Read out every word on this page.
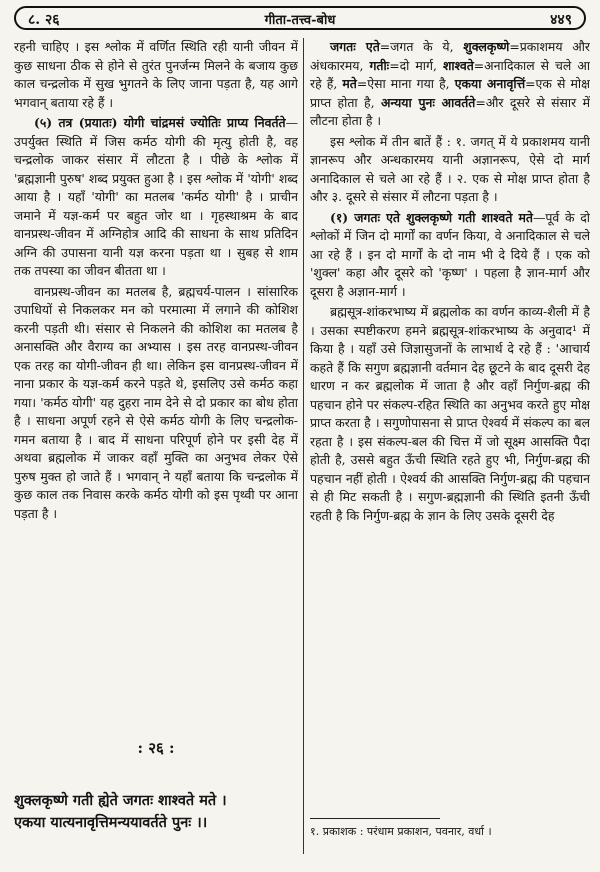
८. २६	गीता-तत्त्व-बोध	४४९

रहनी चाहिए । इस श्लोक में वर्णित स्थिति रही यानी जीवन में कुछ साधना ठीक से होने से तुरंत पुनर्जन्म मिलने के बजाय कुछ काल चन्द्रलोक में सुख भुगतने के लिए जाना पड़ता है, यह आगे भगवान् बताया रहे हैं ।

(५) तत्र (प्रयातः) योगी चांद्रमसं ज्योतिः प्राप्य निवर्तते—उपर्युक्त स्थिति में जिस कर्मठ योगी की मृत्यु होती है, वह चन्द्रलोक जाकर संसार में लौटता है । पीछे के श्लोक में 'ब्रह्मज्ञानी पुरुष' शब्द प्रयुक्त हुआ है । इस श्लोक में 'योगी' शब्द आया है । यहाँ 'योगी' का मतलब 'कर्मठ योगी' है । प्राचीन जमाने में यज्ञ-कर्म पर बहुत जोर था । गृहस्थाश्रम के बाद वानप्रस्थ-जीवन में अग्निहोत्र आदि की साधना के साथ प्रतिदिन अग्नि की उपासना यानी यज्ञ करना पड़ता था । सुबह से शाम तक तपस्या का जीवन बीतता था ।

वानप्रस्थ-जीवन का मतलब है, ब्रह्मचर्य-पालन । सांसारिक उपाधियों से निकलकर मन को परमात्मा में लगाने की कोशिश करनी पड़ती थी। संसार से निकलने की कोशिश का मतलब है अनासक्ति और वैराग्य का अभ्यास । इस तरह वानप्रस्थ-जीवन एक तरह का योगी-जीवन ही था। लेकिन इस वानप्रस्थ-जीवन में नाना प्रकार के यज्ञ-कर्म करने पड़ते थे, इसलिए उसे कर्मठ कहा गया। 'कर्मठ योगी' यह दुहरा नाम देने से दो प्रकार का बोध होता है । साधना अपूर्ण रहने से ऐसे कर्मठ योगी के लिए चन्द्रलोक-गमन बताया है । बाद में साधना परिपूर्ण होने पर इसी देह में अथवा ब्रह्मलोक में जाकर वहाँ मुक्ति का अनुभव लेकर ऐसे पुरुष मुक्त हो जाते हैं । भगवान् ने यहाँ बताया कि चन्द्रलोक में कुछ काल तक निवास करके कर्मठ योगी को इस पृथ्वी पर आना पड़ता है ।

: २६ :
शुक्लकृष्णे गती ह्येते जगतः शाश्वते मते ।
एकया यात्यनावृत्तिमन्ययावर्तते पुनः ।।

जगतः एते=जगत के ये, शुक्लकृष्णे=प्रकाशमय और अंधकारमय, गतीः=दो मार्ग, शाश्वते=अनादिकाल से चले आ रहे हैं, मते=ऐसा माना गया है, एकया अनावृत्तिं=एक से मोक्ष प्राप्त होता है, अन्यया पुनः आवर्तते=और दूसरे से संसार में लौटना होता है ।

इस श्लोक में तीन बातें हैं : १. जगत् में ये प्रकाशमय यानी ज्ञानरूप और अन्धकारमय यानी अज्ञानरूप, ऐसे दो मार्ग अनादिकाल से चले आ रहे हैं । २. एक से मोक्ष प्राप्त होता है और ३. दूसरे से संसार में लौटना पड़ता है ।

(१) जगतः एते शुक्लकृष्णे गती शाश्वते मते—पूर्व के दो श्लोकों में जिन दो मार्गों का वर्णन किया, वे अनादिकाल से चले आ रहे हैं । इन दो मार्गों के दो नाम भी दे दिये हैं । एक को 'शुक्ल' कहा और दूसरे को 'कृष्ण' । पहला है ज्ञान-मार्ग और दूसरा है अज्ञान-मार्ग ।

ब्रह्मसूत्र-शांकरभाष्य में ब्रह्मलोक का वर्णन काव्य-शैली में है । उसका स्पष्टीकरण हमने ब्रह्मसूत्र-शांकरभाष्य के अनुवाद¹ में किया है । यहाँ उसे जिज्ञासुजनों के लाभार्थ दे रहे हैं : 'आचार्य कहते हैं कि सगुण ब्रह्मज्ञानी वर्तमान देह छूटने के बाद दूसरी देह धारण न कर ब्रह्मलोक में जाता है और वहाँ निर्गुण-ब्रह्म की पहचान होने पर संकल्प-रहित स्थिति का अनुभव करते हुए मोक्ष प्राप्त करता है । सगुणोपासना से प्राप्त ऐश्वर्य में संकल्प का बल रहता है । इस संकल्प-बल की चित्त में जो सूक्ष्म आसक्ति पैदा होती है, उससे बहुत ऊँची स्थिति रहते हुए भी, निर्गुण-ब्रह्म की पहचान नहीं होती । ऐश्वर्य की आसक्ति निर्गुण-ब्रह्म की पहचान से ही मिट सकती है । सगुण-ब्रह्मज्ञानी की स्थिति इतनी ऊँची रहती है कि निर्गुण-ब्रह्म के ज्ञान के लिए उसके दूसरी देह

१. प्रकाशक : परंधाम प्रकाशन, पवनार, वर्धा ।
